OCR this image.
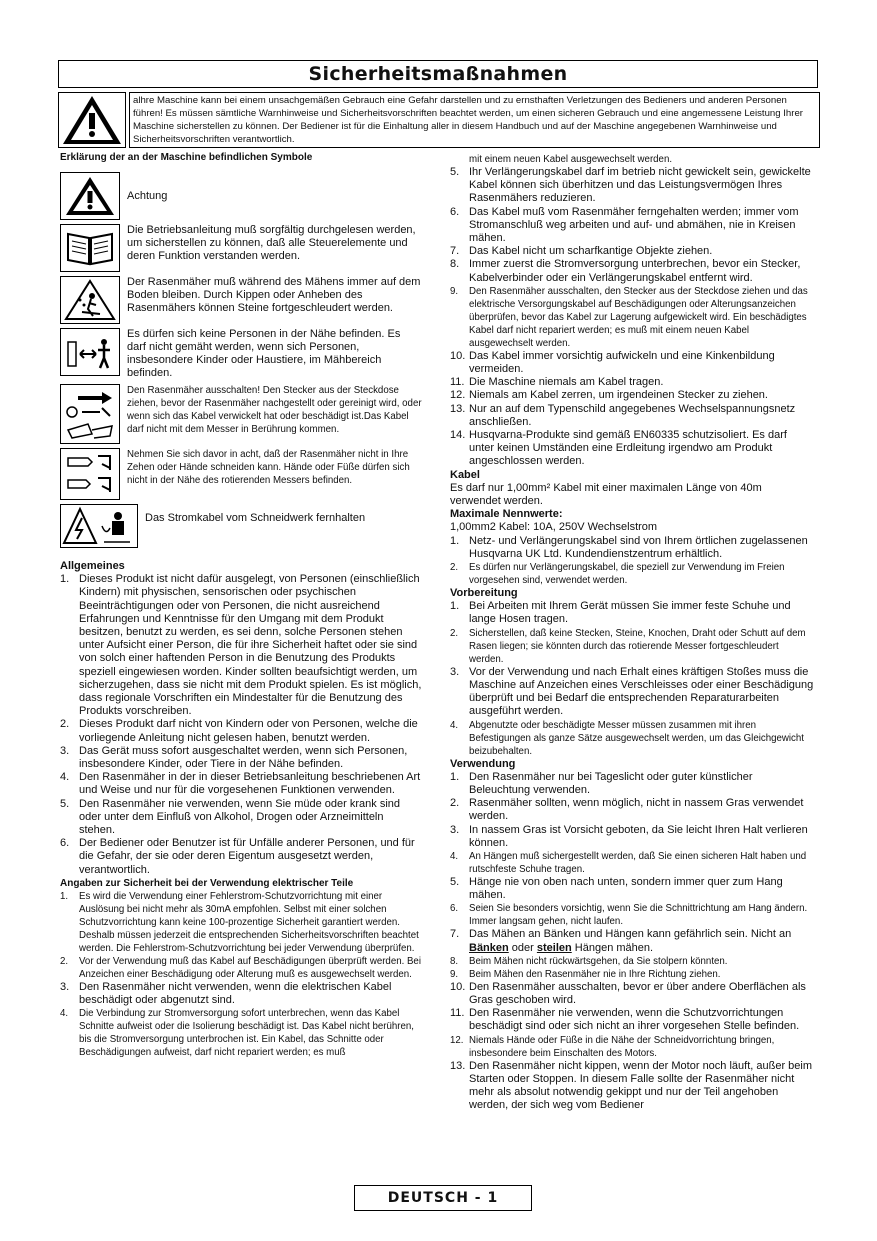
Sicherheitsmaßnahmen
alhre Maschine kann bei einem unsachgemäßen Gebrauch eine Gefahr darstellen und zu ernsthaften Verletzungen des Bedieners und anderen Personen führen! Es müssen sämtliche Warnhinweise und Sicherheitsvorschriften beachtet werden, um einen sicheren Gebrauch und eine angemessene Leistung Ihrer Maschine sicherstellen zu können. Der Bediener ist für die Einhaltung aller in diesem Handbuch und auf der Maschine angegebenen Warnhinweise und Sicherheitsvorschriften verantwortlich.
Erklärung der an der Maschine befindlichen Symbole
Achtung
Die Betriebsanleitung muß sorgfältig durchgelesen werden, um sicherstellen zu können, daß alle Steuerelemente und deren Funktion verstanden werden.
Der Rasenmäher muß während des Mähens immer auf dem Boden bleiben. Durch Kippen oder Anheben des Rasenmähers können Steine fortgeschleudert werden.
Es dürfen sich keine Personen in der Nähe befinden. Es darf nicht gemäht werden, wenn sich Personen, insbesondere Kinder oder Haustiere, im Mähbereich befinden.
Den Rasenmäher ausschalten! Den Stecker aus der Steckdose ziehen, bevor der Rasenmäher nachgestellt oder gereinigt wird, oder wenn sich das Kabel verwickelt hat oder beschädigt ist.Das Kabel darf nicht mit dem Messer in Berührung kommen.
Nehmen Sie sich davor in acht, daß der Rasenmäher nicht in Ihre Zehen oder Hände schneiden kann. Hände oder Füße dürfen sich nicht in der Nähe des rotierenden Messers befinden.
Das Stromkabel vom Schneidwerk fernhalten
Allgemeines
1. Dieses Produkt ist nicht dafür ausgelegt, von Personen (einschließlich Kindern) mit physischen, sensorischen oder psychischen Beeinträchtigungen oder von Personen, die nicht ausreichend Erfahrungen und Kenntnisse für den Umgang mit dem Produkt besitzen, benutzt zu werden, es sei denn, solche Personen stehen unter Aufsicht einer Person, die für ihre Sicherheit haftet oder sie sind von solch einer haftenden Person in die Benutzung des Produkts speziell eingewiesen worden. Kinder sollten beaufsichtigt werden, um sicherzugehen, dass sie nicht mit dem Produkt spielen. Es ist möglich, dass regionale Vorschriften ein Mindestalter für die Benutzung des Produkts vorschreiben.
2. Dieses Produkt darf nicht von Kindern oder von Personen, welche die vorliegende Anleitung nicht gelesen haben, benutzt werden.
3. Das Gerät muss sofort ausgeschaltet werden, wenn sich Personen, insbesondere Kinder, oder Tiere in der Nähe befinden.
4. Den Rasenmäher in der in dieser Betriebsanleitung beschriebenen Art und Weise und nur für die vorgesehenen Funktionen verwenden.
5. Den Rasenmäher nie verwenden, wenn Sie müde oder krank sind oder unter dem Einfluß von Alkohol, Drogen oder Arzneimitteln stehen.
6. Der Bediener oder Benutzer ist für Unfälle anderer Personen, und für die Gefahr, der sie oder deren Eigentum ausgesetzt werden, verantwortlich.
Angaben zur Sicherheit bei der Verwendung elektrischer Teile
1. Es wird die Verwendung einer Fehlerstrom-Schutzvorrichtung mit einer Auslösung bei nicht mehr als 30mA empfohlen. Selbst mit einer solchen Schutzvorrichtung kann keine 100-prozentige Sicherheit garantiert werden. Deshalb müssen jederzeit die entsprechenden Sicherheitsvorschriften beachtet werden. Die Fehlerstrom-Schutzvorrichtung bei jeder Verwendung überprüfen.
2. Vor der Verwendung muß das Kabel auf Beschädigungen überprüft werden. Bei Anzeichen einer Beschädigung oder Alterung muß es ausgewechselt werden.
3. Den Rasenmäher nicht verwenden, wenn die elektrischen Kabel beschädigt oder abgenutzt sind.
4. Die Verbindung zur Stromversorgung sofort unterbrechen, wenn das Kabel Schnitte aufweist oder die Isolierung beschädigt ist. Das Kabel nicht berühren, bis die Stromversorgung unterbrochen ist. Ein Kabel, das Schnitte oder Beschädigungen aufweist, darf nicht repariert werden; es muß
mit einem neuen Kabel ausgewechselt werden.
5. Ihr Verlängerungskabel darf im betrieb nicht gewickelt sein, gewickelte Kabel können sich überhitzen und das Leistungsvermögen Ihres Rasenmähers reduzieren.
6. Das Kabel muß vom Rasenmäher ferngehalten werden; immer vom Stromanschluß weg arbeiten und auf- und abmähen, nie in Kreisen mähen.
7. Das Kabel nicht um scharfkantige Objekte ziehen.
8. Immer zuerst die Stromversorgung unterbrechen, bevor ein Stecker, Kabelverbinder oder ein Verlängerungskabel entfernt wird.
9. Den Rasenmäher ausschalten, den Stecker aus der Steckdose ziehen und das elektrische Versorgungskabel auf Beschädigungen oder Alterungsanzeichen überprüfen, bevor das Kabel zur Lagerung aufgewickelt wird. Ein beschädigtes Kabel darf nicht repariert werden; es muß mit einem neuen Kabel ausgewechselt werden.
10. Das Kabel immer vorsichtig aufwickeln und eine Kinkenbildung vermeiden.
11. Die Maschine niemals am Kabel tragen.
12. Niemals am Kabel zerren, um irgendeinen Stecker zu ziehen.
13. Nur an auf dem Typenschild angegebenes Wechselspannungsnetz anschließen.
14. Husqvarna-Produkte sind gemäß EN60335 schutzisoliert. Es darf unter keinen Umständen eine Erdleitung irgendwo am Produkt angeschlossen werden.
Kabel
Es darf nur 1,00mm² Kabel mit einer maximalen Länge von 40m verwendet werden.
Maximale Nennwerte:
1,00mm2 Kabel: 10A, 250V Wechselstrom
1. Netz- und Verlängerungskabel sind von Ihrem örtlichen zugelassenen Husqvarna UK Ltd. Kundendienstzentrum erhältlich.
2. Es dürfen nur Verlängerungskabel, die speziell zur Verwendung im Freien vorgesehen sind, verwendet werden.
Vorbereitung
1. Bei Arbeiten mit Ihrem Gerät müssen Sie immer feste Schuhe und lange Hosen tragen.
2. Sicherstellen, daß keine Stecken, Steine, Knochen, Draht oder Schutt auf dem Rasen liegen; sie könnten durch das rotierende Messer fortgeschleudert werden.
3. Vor der Verwendung und nach Erhalt eines kräftigen Stoßes muss die Maschine auf Anzeichen eines Verschleisses oder einer Beschädigung überprüft und bei Bedarf die entsprechenden Reparaturarbeiten ausgeführt werden.
4. Abgenutzte oder beschädigte Messer müssen zusammen mit ihren Befestigungen als ganze Sätze ausgewechselt werden, um das Gleichgewicht beizubehalten.
Verwendung
1. Den Rasenmäher nur bei Tageslicht oder guter künstlicher Beleuchtung verwenden.
2. Rasenmäher sollten, wenn möglich, nicht in nassem Gras verwendet werden.
3. In nassem Gras ist Vorsicht geboten, da Sie leicht Ihren Halt verlieren können.
4. An Hängen muß sichergestellt werden, daß Sie einen sicheren Halt haben und rutschfeste Schuhe tragen.
5. Hänge nie von oben nach unten, sondern immer quer zum Hang mähen.
6. Seien Sie besonders vorsichtig, wenn Sie die Schnittrichtung am Hang ändern. Immer langsam gehen, nicht laufen.
7. Das Mähen an Bänken und Hängen kann gefährlich sein. Nicht an Bänken oder steilen Hängen mähen.
8. Beim Mähen nicht rückwärtsgehen, da Sie stolpern könnten.
9. Beim Mähen den Rasenmäher nie in Ihre Richtung ziehen.
10. Den Rasenmäher ausschalten, bevor er über andere Oberflächen als Gras geschoben wird.
11. Den Rasenmäher nie verwenden, wenn die Schutzvorrichtungen beschädigt sind oder sich nicht an ihrer vorgesehen Stelle befinden.
12. Niemals Hände oder Füße in die Nähe der Schneidvorrichtung bringen, insbesondere beim Einschalten des Motors.
13. Den Rasenmäher nicht kippen, wenn der Motor noch läuft, außer beim Starten oder Stoppen. In diesem Falle sollte der Rasenmäher nicht mehr als absolut notwendig gekippt und nur der Teil angehoben werden, der sich weg vom Bediener
DEUTSCH - 1
